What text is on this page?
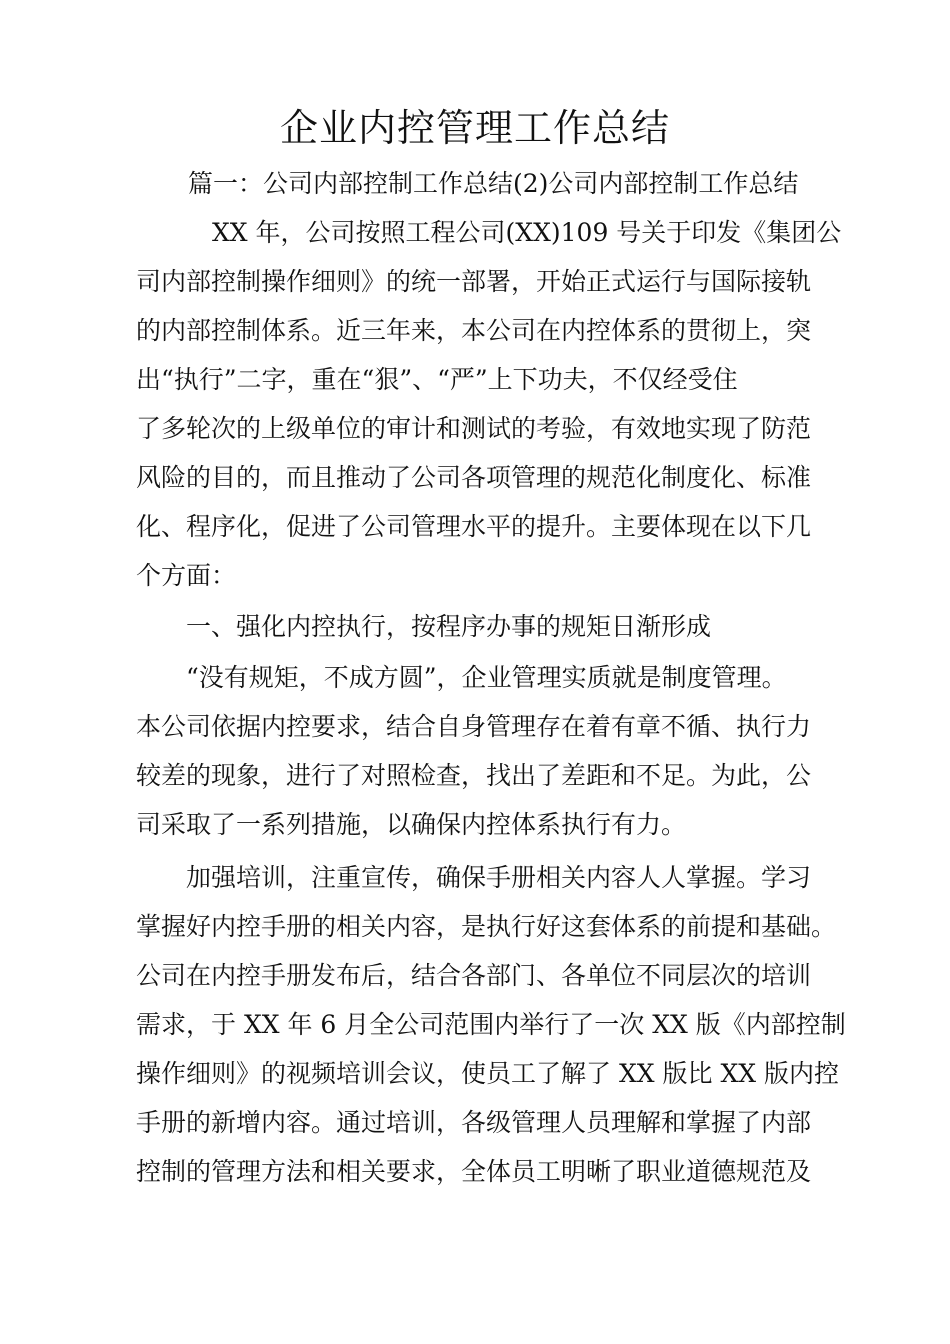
企业内控管理工作总结
篇一：公司内部控制工作总结(2)公司内部控制工作总结
XX 年，公司按照工程公司(XX)109 号关于印发《集团公
司内部控制操作细则》的统一部署，开始正式运行与国际接轨
的内部控制体系。近三年来，本公司在内控体系的贯彻上，突
出“执行”二字，重在“狠”、“严”上下功夫，不仅经受住
了多轮次的上级单位的审计和测试的考验，有效地实现了防范
风险的目的，而且推动了公司各项管理的规范化制度化、标准
化、程序化，促进了公司管理水平的提升。主要体现在以下几
个方面：
一、强化内控执行，按程序办事的规矩日渐形成
“没有规矩，不成方圆”，企业管理实质就是制度管理。
本公司依据内控要求，结合自身管理存在着有章不循、执行力
较差的现象，进行了对照检查，找出了差距和不足。为此，公
司采取了一系列措施，以确保内控体系执行有力。
加强培训，注重宣传，确保手册相关内容人人掌握。学习
掌握好内控手册的相关内容，是执行好这套体系的前提和基础。
公司在内控手册发布后，结合各部门、各单位不同层次的培训
需求，于 XX 年 6 月全公司范围内举行了一次 XX 版《内部控制
操作细则》的视频培训会议，使员工了解了 XX 版比 XX 版内控
手册的新增内容。通过培训，各级管理人员理解和掌握了内部
控制的管理方法和相关要求，全体员工明晰了职业道德规范及
